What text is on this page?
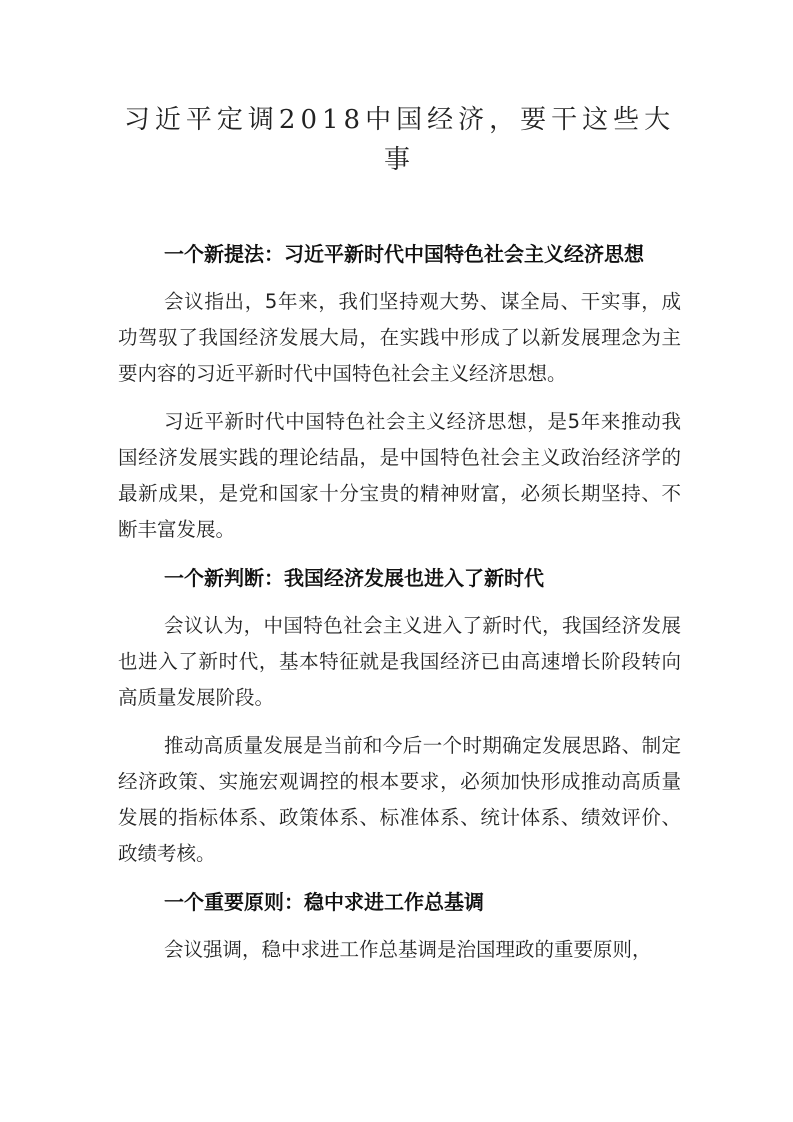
习近平定调2018中国经济，要干这些大事

一个新提法：习近平新时代中国特色社会主义经济思想

会议指出，5年来，我们坚持观大势、谋全局、干实事，成功驾驭了我国经济发展大局，在实践中形成了以新发展理念为主要内容的习近平新时代中国特色社会主义经济思想。

习近平新时代中国特色社会主义经济思想，是5年来推动我国经济发展实践的理论结晶，是中国特色社会主义政治经济学的最新成果，是党和国家十分宝贵的精神财富，必须长期坚持、不断丰富发展。

一个新判断：我国经济发展也进入了新时代

会议认为，中国特色社会主义进入了新时代，我国经济发展也进入了新时代，基本特征就是我国经济已由高速增长阶段转向高质量发展阶段。

推动高质量发展是当前和今后一个时期确定发展思路、制定经济政策、实施宏观调控的根本要求，必须加快形成推动高质量发展的指标体系、政策体系、标准体系、统计体系、绩效评价、政绩考核。

一个重要原则：稳中求进工作总基调

会议强调，稳中求进工作总基调是治国理政的重要原则，
